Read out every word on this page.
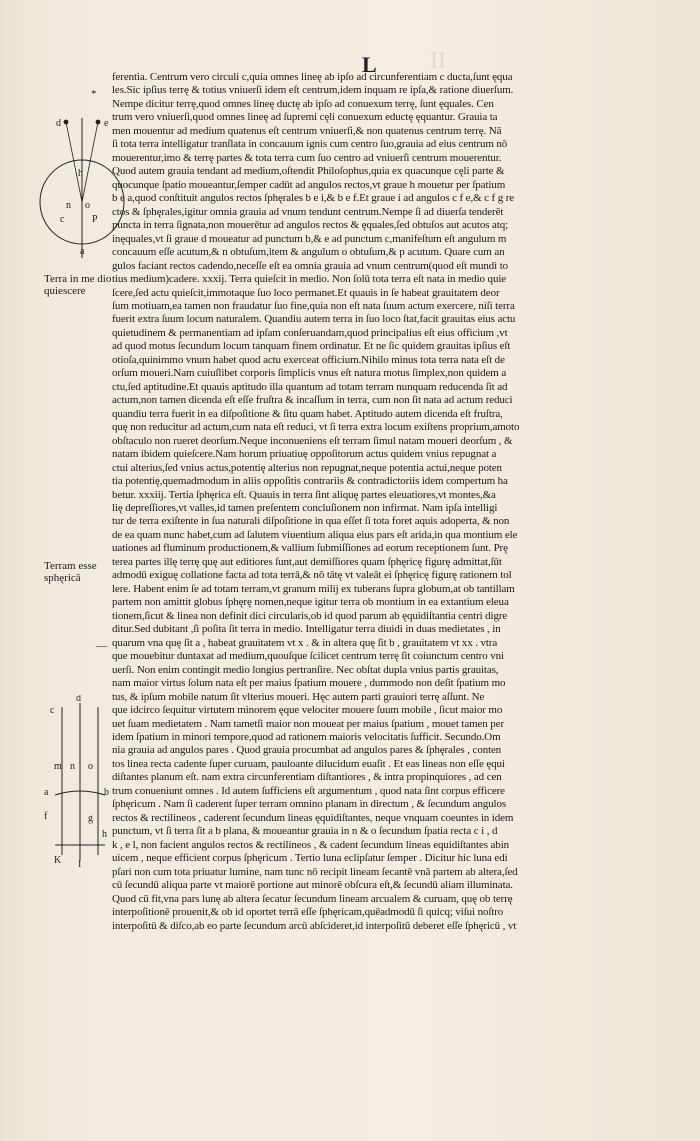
L II
*
d	e
h
n o
c	P
a
Terra in me dio quiescere
Terram esse sphęricā
c
d
m n o
a	b
f	g
h
K I
—
ferentia. Centrum vero circuli c,quia omnes lineę ab ipſo ad circunferentiam c ducta,ſunt ęqua
les.Sic ipſius terrę & totius vniuerſi idem eſt centrum,idem inquam re ipſa,& ratione diuerſum.
Nempe dicitur terrę,quod omnes lineę ductę ab ipſo ad conuexum terrę, ſunt ęquales. Cen
trum vero vniuerſi,quod omnes lineę ad ſupremi cęli conuexum eductę ęquantur. Grauia ta
men mouentur ad medium quatenus eſt centrum vniuerſi,& non quatenus centrum terrę. Nā
ſi tota terra intelligatur tranſlata in concauum ignis cum centro ſuo,grauia ad eius centrum nō
mouerentur,imo & terrę partes & tota terra cum ſuo centro ad vniuerſi centrum mouerentur.
Quod autem grauia tendant ad medium,oſtendit Philoſophus,quia ex quacunque cęli parte &
quocunque ſpatio moueantur,ſemper cadūt ad angulos rectos,vt graue h mouetur per ſpatium
b e a,quod conſtituit angulos rectos ſphęrales b e i,& b e f.Et graue i ad angulos c f e,& c f g re
ctos & ſphęrales,igitur omnia grauia ad vnum tendunt centrum.Nempe ſi ad diuerſa tenderēt
puncta in terra ſignata,non mouerētur ad angulos rectos & ęquales,ſed obtuſos aut acutos atq;
inęquales,vt ſi graue d moueatur ad punctum b,& e ad punctum c,manifeſtum eſt angulum m
concauum eſſe acutum,& n obtuſum,item & angulum o obtuſum,& p acutum. Quare cum an
gulos faciant rectos cadendo,neceſſe eſt ea omnia grauia ad vnum centrum(quod eſt mundi to
tius medium)cadere. xxxij. Terra quieſcit in medio. Non ſolū tota terra eſt nata in medio quie
ſcere,ſed actu quieſcit,immotaque ſuo loco permanet.Et quauis in ſe habeat grauitatem deor
ſum motiuam,ea tamen non fraudatur ſuo fine,quia non eſt nata ſuum actum exercere, niſi terra
fuerit extra ſuum locum naturalem. Quandiu autem terra in ſuo loco ſtat,facit grauitas eius actu
quietudinem & permanentiam ad ipſam conſeruandam,quod principalius eſt eius officium ,vt
ad quod motus ſecundum locum tanquam finem ordinatur. Et ne ſic quidem grauitas ipſius eſt
otioſa,quinimmo vnum habet quod actu exerceat officium.Nihilo minus tota terra nata eſt de
orſum moueri.Nam cuiuſlibet corporis ſimplicis vnus eſt natura motus ſimplex,non quidem a
ctu,ſed aptitudine.Et quauis aptitudo illa quantum ad totam terram nunquam reducenda ſit ad
actum,non tamen dicenda eſt eſſe fruſtra & incaſſum in terra, cum non ſit nata ad actum reduci
quandiu terra fuerit in ea diſpoſitione & ſitu quam habet. Aptitudo autem dicenda eſt fruſtra,
quę non reducitur ad actum,cum nata eſt reduci, vt ſi terra extra locum exiſtens proprium,amoto
obſtaculo non rueret deorſum.Neque inconueniens eſt terram ſimul natam moueri deorſum , &
natam ibidem quieſcere.Nam horum priuatiuę oppoſitorum actus quidem vnius repugnat a
ctui alterius,ſed vnius actus,potentię alterius non repugnat,neque potentia actui,neque poten
tia potentię,quemadmodum in aliis oppoſitis contrariis & contradictoriis idem compertum ha
betur. xxxiij. Tertia ſphęrica eſt. Quauis in terra ſint aliquę partes eleuatiores,vt montes,&a
lię depreſſiores,vt valles,id tamen preſentem concluſionem non infirmat. Nam ipſa intelligi
tur de terra exiſtente in ſua naturali diſpoſitione in qua eſſet ſi tota foret aquis adoperta, & non
de ea quam nunc habet,cum ad ſalutem viuentium aliqua eius pars eſt arida,in qua montium ele
uationes ad fluminum productionem,& vallium ſubmiſſiones ad eorum receptionem ſunt. Prę
terea partes illę terrę quę aut editiores ſunt,aut demiſſiores quam ſphęricę figurę admittat,ſūt
admodū exiguę collatione facta ad tota terrā,& nō tātę vt valeāt ei ſphęricę figurę rationem tol
lere. Habent enim ſe ad totam terram,vt granum milij ex tuberans ſupra globum,at ob tantillam
partem non amittit globus ſphęrę nomen,neque igitur terra ob montium in ea extantium eleua
tionem,ſicut & linea non definit dici circularis,ob id quod parum ab ęquidiſtantia centri digre
ditur.Sed dubitant ,ſi poſita ſit terra in medio. Intelligatur terra diuidi in duas medietates , in
quarum vna quę ſit a , habeat grauitatem vt x . & in altera quę ſit b , grauitatem vt xx . vtra
que mouebitur duntaxat ad medium,quouſque ſcilicet centrum terrę ſit coiunctum centro vni
uerſi. Non enim contingit medio longius pertranſire. Nec obſtat dupla vnius partis grauitas,
nam maior virtus ſolum nata eſt per maius ſpatium mouere , dummodo non deſit ſpatium mo
tus, & ipſum mobile natum ſit vlterius moueri. Hęc autem parti grauiori terrę aſſunt. Ne
que idcirco ſequitur virtutem minorem ęque velociter mouere ſuum mobile , ſicut maior mo
uet ſuam medietatem . Nam tametſi maior non moueat per maius ſpatium , mouet tamen per
idem ſpatium in minori tempore,quod ad rationem maioris velocitatis ſufficit. Secundo.Om
nia grauia ad angulos pares . Quod grauia procumbat ad angulos pares & ſphęrales , conten
tos linea recta cadente ſuper curuam, pauloante dilucidum euaſit . Et eas lineas non eſſe ęqui
diſtantes planum eſt. nam extra circunferentiam diſtantiores , & intra propinquiores , ad cen
trum conueniunt omnes . Id autem ſufficiens eſt argumentum , quod nata ſint corpus efficere
ſphęricum . Nam ſi caderent ſuper terram omnino planam in directum , & ſecundum angulos
rectos & rectilineos , caderent ſecundum lineas ęquidiſtantes, neque vnquam coeuntes in idem
punctum, vt ſi terra ſit a b plana, & moueantur grauia in n & o ſecundum ſpatia recta c i , d
k , e l, non facient angulos rectos & rectilineos , & cadent ſecundum lineas equidiſtantes abin
uicem , neque efficient corpus ſphęricum . Tertio luna eclipſatur ſemper . Dicitur hic luna edi
pſari non cum tota priuatur lumine, nam tunc nō recipit lineam ſecantē vnā partem ab altera,ſed
cū ſecundū aliqua parte vt maiorē portione aut minorē obſcura eſt,& ſecundū aliam illuminata.
Quod cū fit,vna pars lunę ab altera ſecatur ſecundum lineam arcualem & curuam, quę ob terrę
interpoſitionē prouenit,& ob id oportet terrā eſſe ſphęricam,quēadmodū ſi quicq; viſui noſtro
interpoſitū & diſco,ab eo parte ſecundum arcū abſcideret,id interpoſitū deberet eſſe ſphęricū , vt
